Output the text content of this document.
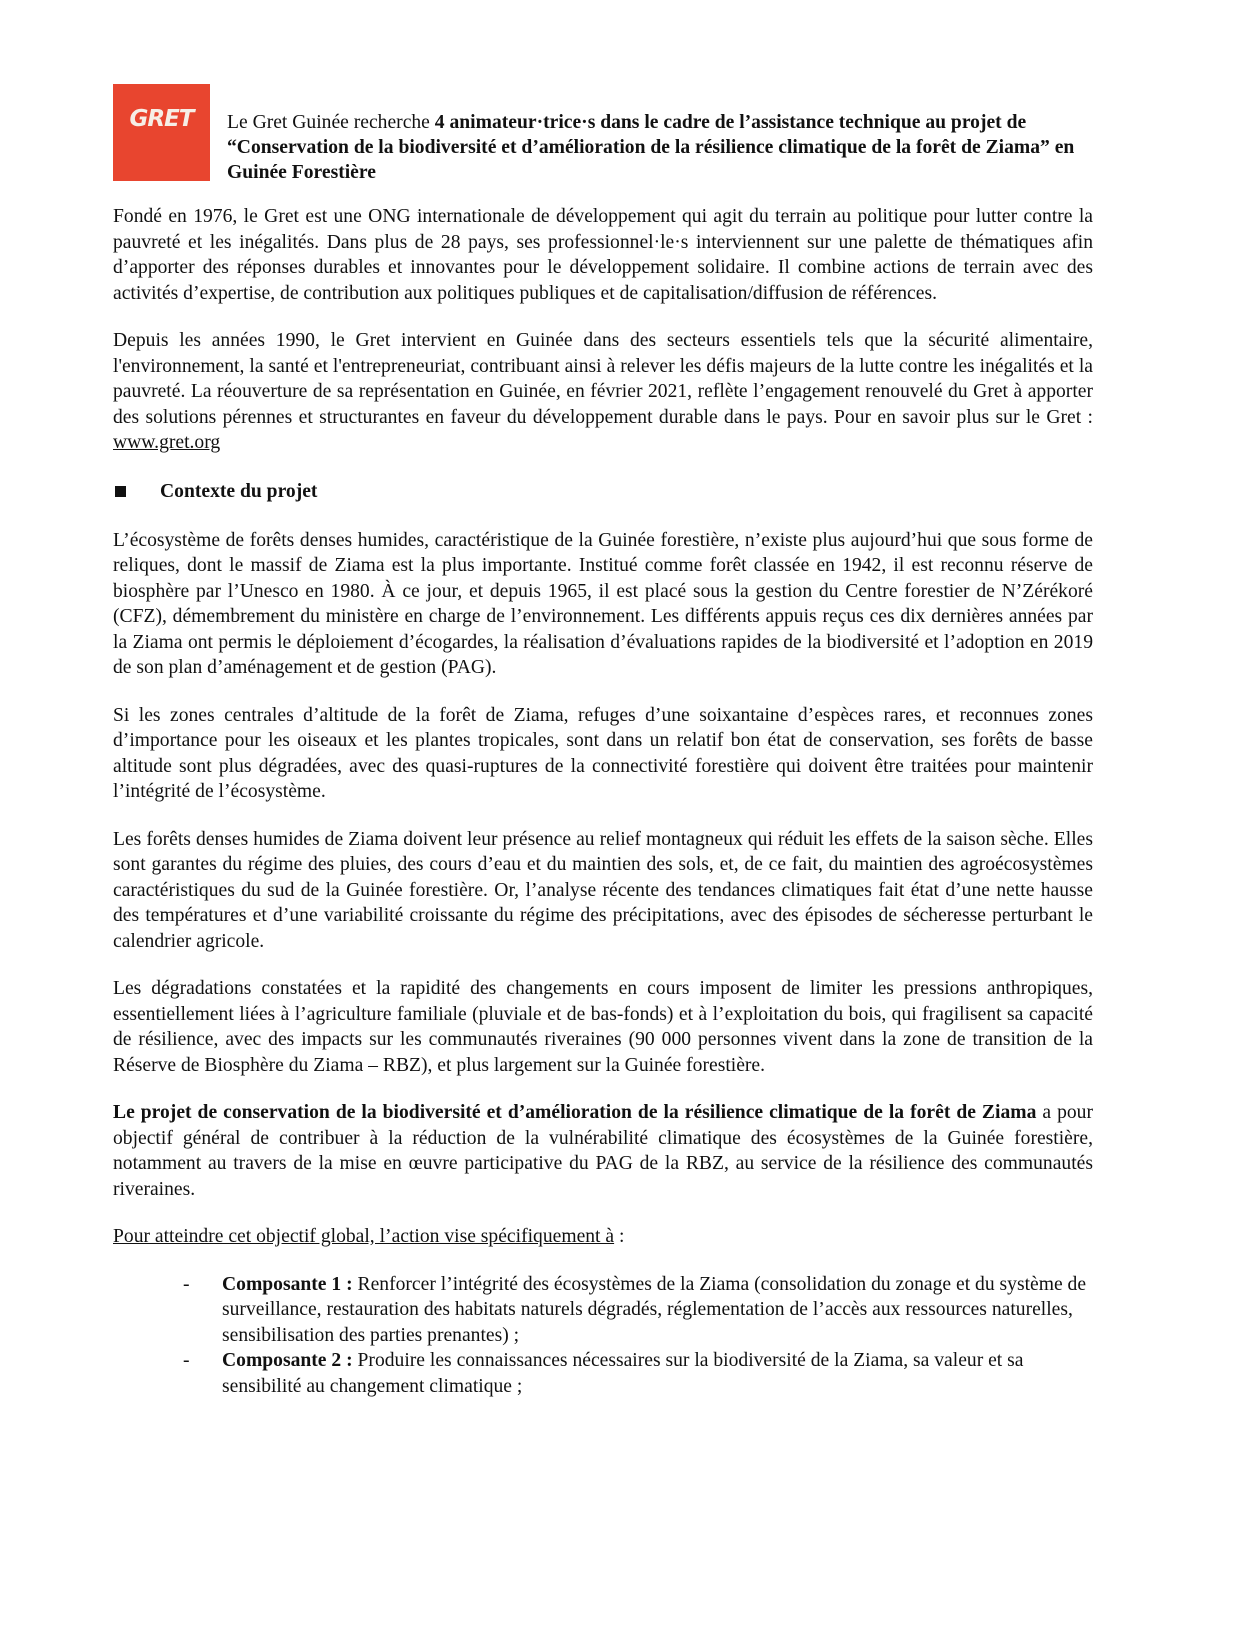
GRET Le Gret Guinée recherche 4 animateur·trice·s dans le cadre de l’assistance technique au projet de “Conservation de la biodiversité et d’amélioration de la résilience climatique de la forêt de Ziama” en Guinée Forestière

Fondé en 1976, le Gret est une ONG internationale de développement qui agit du terrain au politique pour lutter contre la pauvreté et les inégalités. Dans plus de 28 pays, ses professionnel·le·s interviennent sur une palette de thématiques afin d’apporter des réponses durables et innovantes pour le développement solidaire. Il combine actions de terrain avec des activités d’expertise, de contribution aux politiques publiques et de capitalisation/diffusion de références.

Depuis les années 1990, le Gret intervient en Guinée dans des secteurs essentiels tels que la sécurité alimentaire, l'environnement, la santé et l'entrepreneuriat, contribuant ainsi à relever les défis majeurs de la lutte contre les inégalités et la pauvreté. La réouverture de sa représentation en Guinée, en février 2021, reflète l’engagement renouvelé du Gret à apporter des solutions pérennes et structurantes en faveur du développement durable dans le pays. Pour en savoir plus sur le Gret : www.gret.org

Contexte du projet

L’écosystème de forêts denses humides, caractéristique de la Guinée forestière, n’existe plus aujourd’hui que sous forme de reliques, dont le massif de Ziama est la plus importante. Institué comme forêt classée en 1942, il est reconnu réserve de biosphère par l’Unesco en 1980. À ce jour, et depuis 1965, il est placé sous la gestion du Centre forestier de N’Zérékoré (CFZ), démembrement du ministère en charge de l’environnement. Les différents appuis reçus ces dix dernières années par la Ziama ont permis le déploiement d’écogardes, la réalisation d’évaluations rapides de la biodiversité et l’adoption en 2019 de son plan d’aménagement et de gestion (PAG).

Si les zones centrales d’altitude de la forêt de Ziama, refuges d’une soixantaine d’espèces rares, et reconnues zones d’importance pour les oiseaux et les plantes tropicales, sont dans un relatif bon état de conservation, ses forêts de basse altitude sont plus dégradées, avec des quasi-ruptures de la connectivité forestière qui doivent être traitées pour maintenir l’intégrité de l’écosystème.

Les forêts denses humides de Ziama doivent leur présence au relief montagneux qui réduit les effets de la saison sèche. Elles sont garantes du régime des pluies, des cours d’eau et du maintien des sols, et, de ce fait, du maintien des agroécosystèmes caractéristiques du sud de la Guinée forestière. Or, l’analyse récente des tendances climatiques fait état d’une nette hausse des températures et d’une variabilité croissante du régime des précipitations, avec des épisodes de sécheresse perturbant le calendrier agricole.

Les dégradations constatées et la rapidité des changements en cours imposent de limiter les pressions anthropiques, essentiellement liées à l’agriculture familiale (pluviale et de bas-fonds) et à l’exploitation du bois, qui fragilisent sa capacité de résilience, avec des impacts sur les communautés riveraines (90 000 personnes vivent dans la zone de transition de la Réserve de Biosphère du Ziama – RBZ), et plus largement sur la Guinée forestière.

Le projet de conservation de la biodiversité et d’amélioration de la résilience climatique de la forêt de Ziama a pour objectif général de contribuer à la réduction de la vulnérabilité climatique des écosystèmes de la Guinée forestière, notamment au travers de la mise en œuvre participative du PAG de la RBZ, au service de la résilience des communautés riveraines.

Pour atteindre cet objectif global, l’action vise spécifiquement à :

-	Composante 1 : Renforcer l’intégrité des écosystèmes de la Ziama (consolidation du zonage et du système de surveillance, restauration des habitats naturels dégradés, réglementation de l’accès aux ressources naturelles, sensibilisation des parties prenantes) ;

-	Composante 2 : Produire les connaissances nécessaires sur la biodiversité de la Ziama, sa valeur et sa sensibilité au changement climatique ;
